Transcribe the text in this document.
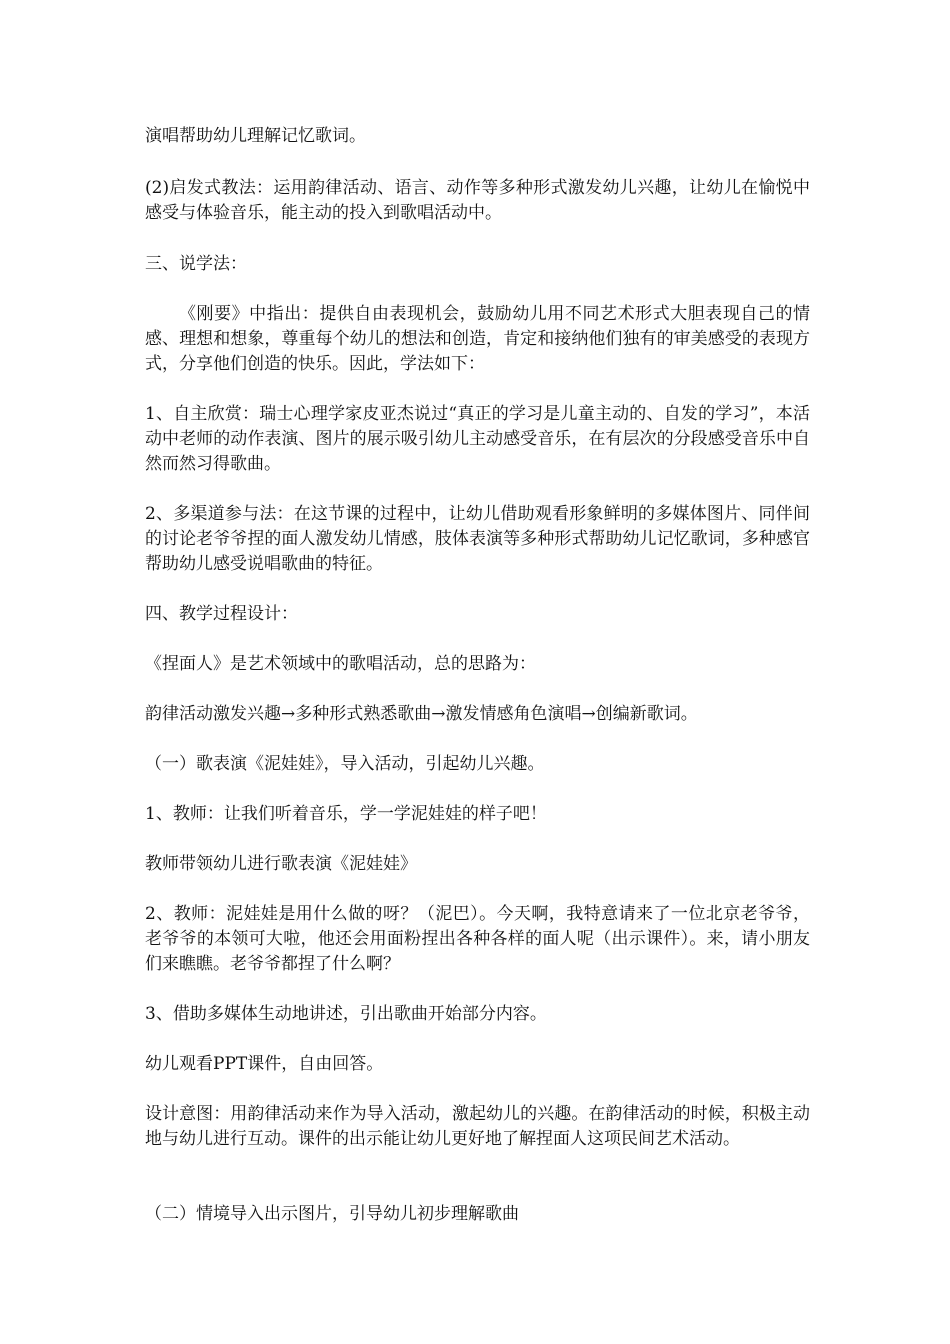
演唱帮助幼儿理解记忆歌词。

(2)启发式教法：运用韵律活动、语言、动作等多种形式激发幼儿兴趣，让幼儿在愉悦中感受与体验音乐，能主动的投入到歌唱活动中。

三、说学法：

《刚要》中指出：提供自由表现机会，鼓励幼儿用不同艺术形式大胆表现自己的情感、理想和想象，尊重每个幼儿的想法和创造，肯定和接纳他们独有的审美感受的表现方式，分享他们创造的快乐。因此，学法如下：

1、自主欣赏：瑞士心理学家皮亚杰说过“真正的学习是儿童主动的、自发的学习”，本活动中老师的动作表演、图片的展示吸引幼儿主动感受音乐，在有层次的分段感受音乐中自然而然习得歌曲。

2、多渠道参与法：在这节课的过程中，让幼儿借助观看形象鲜明的多媒体图片、同伴间的讨论老爷爷捏的面人激发幼儿情感，肢体表演等多种形式帮助幼儿记忆歌词，多种感官帮助幼儿感受说唱歌曲的特征。

四、教学过程设计：

《捏面人》是艺术领域中的歌唱活动，总的思路为：

韵律活动激发兴趣→多种形式熟悉歌曲→激发情感角色演唱→创编新歌词。

（一）歌表演《泥娃娃》，导入活动，引起幼儿兴趣。

1、教师：让我们听着音乐，学一学泥娃娃的样子吧！

教师带领幼儿进行歌表演《泥娃娃》

2、教师：泥娃娃是用什么做的呀？（泥巴）。今天啊，我特意请来了一位北京老爷爷，老爷爷的本领可大啦，他还会用面粉捏出各种各样的面人呢（出示课件）。来，请小朋友们来瞧瞧。老爷爷都捏了什么啊？

3、借助多媒体生动地讲述，引出歌曲开始部分内容。

幼儿观看PPT课件，自由回答。

设计意图：用韵律活动来作为导入活动，激起幼儿的兴趣。在韵律活动的时候，积极主动地与幼儿进行互动。课件的出示能让幼儿更好地了解捏面人这项民间艺术活动。

（二）情境导入出示图片，引导幼儿初步理解歌曲
